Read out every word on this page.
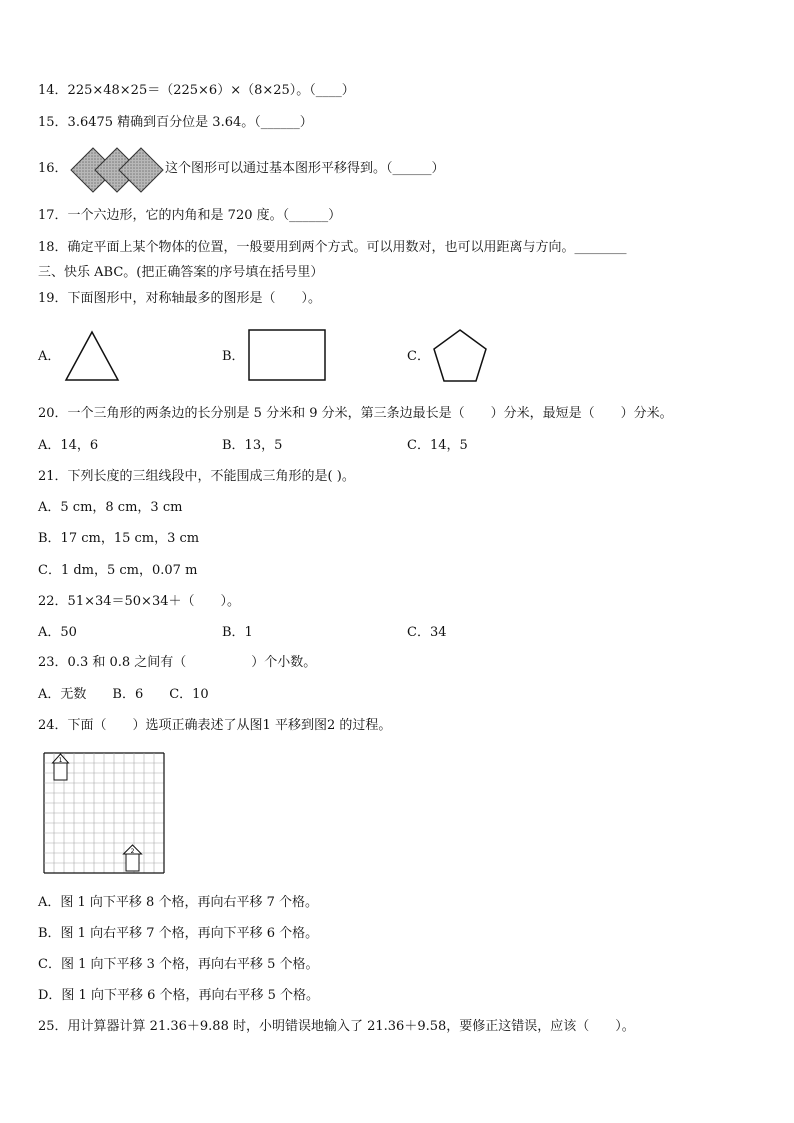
14．225×48×25＝（225×6）×（8×25）。（____）
15．3.6475 精确到百分位是 3.64。（______）
16．	这个图形可以通过基本图形平移得到。（______）
17．一个六边形，它的内角和是 720 度。（______）
18．确定平面上某个物体的位置，一般要用到两个方式。可以用数对，也可以用距离与方向。________
三、快乐 ABC。(把正确答案的序号填在括号里）
19．下面图形中，对称轴最多的图形是（　　）。
A．	B．	C．
20．一个三角形的两条边的长分别是 5 分米和 9 分米，第三条边最长是（　　）分米，最短是（　　）分米。
A．14，6	B．13，5	C．14，5
21．下列长度的三组线段中，不能围成三角形的是( )。
A．5 cm，8 cm，3 cm
B．17 cm，15 cm，3 cm
C．1 dm，5 cm，0.07 m
22．51×34＝50×34＋（　　）。
A．50	B．1	C．34
23．0.3 和 0.8 之间有（　　　　　）个小数。
A．无数　　B．6　　C．10
24．下面（　　）选项正确表述了从图1 平移到图2 的过程。
1
2
A．图 1 向下平移 8 个格，再向右平移 7 个格。
B．图 1 向右平移 7 个格，再向下平移 6 个格。
C．图 1 向下平移 3 个格，再向右平移 5 个格。
D．图 1 向下平移 6 个格，再向右平移 5 个格。
25．用计算器计算 21.36＋9.88 时，小明错误地输入了 21.36＋9.58，要修正这错误，应该（　　）。
